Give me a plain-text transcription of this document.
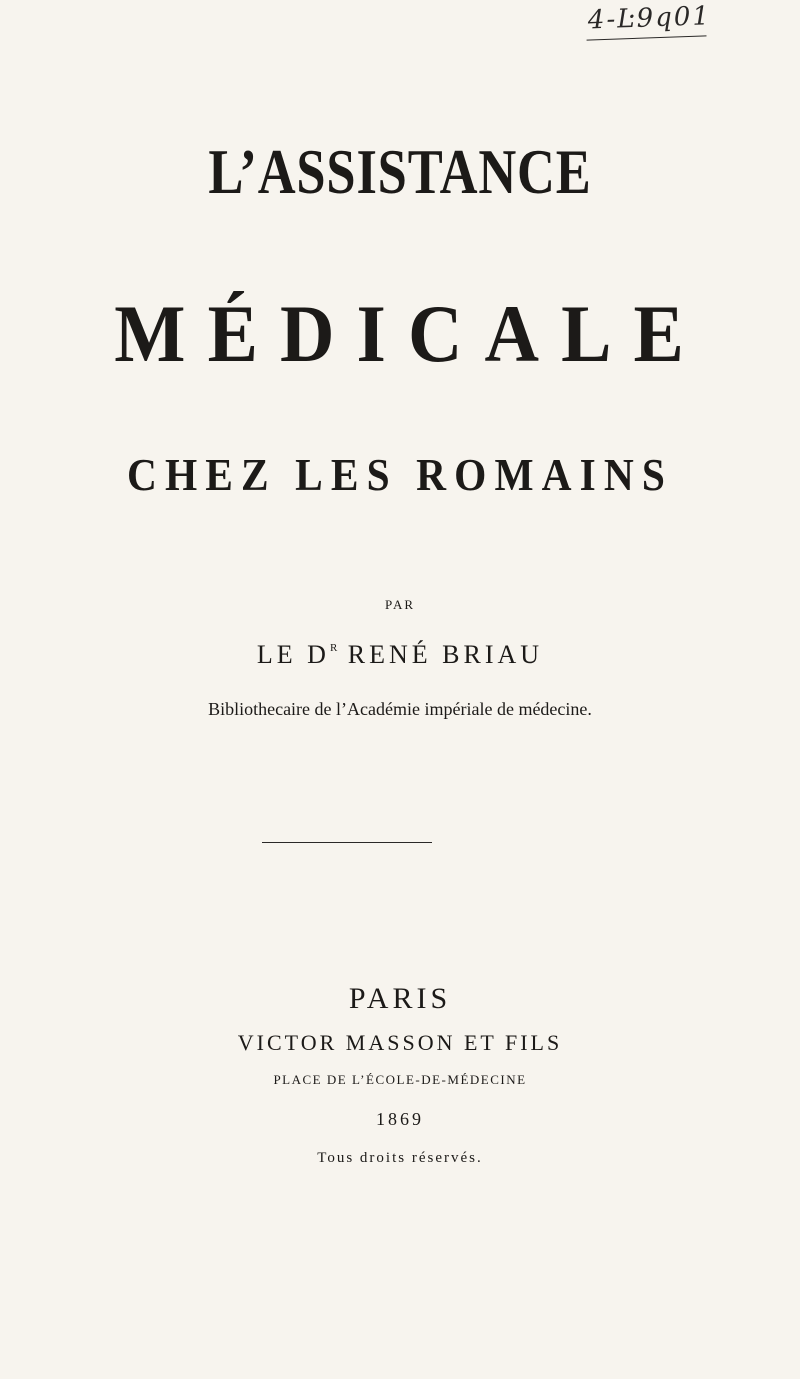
4-Ŀ9q01
L’ASSISTANCE
MÉDICALE
CHEZ LES ROMAINS
PAR
LE $D^R$ RENÉ BRIAU
Bibliothecaire de l’Académie impériale de médecine.
PARIS
VICTOR MASSON ET FILS
PLACE DE L’ÉCOLE-DE-MÉDECINE
1869
Tous droits réservés.
